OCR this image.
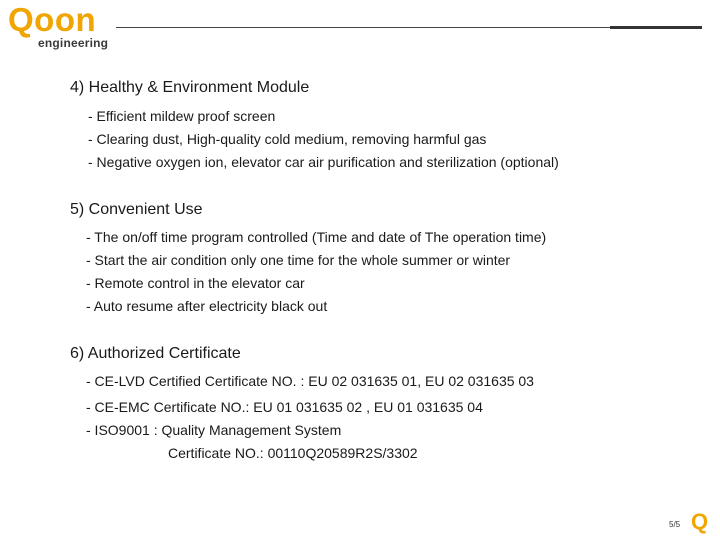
Qoon
engineering
4) Healthy & Environment Module
- Efficient mildew proof screen
- Clearing dust, High-quality cold medium, removing harmful gas
- Negative oxygen ion, elevator car air purification and sterilization (optional)
5) Convenient Use
- The on/off time program controlled (Time and date of The operation time)
- Start the air condition only one time for the whole summer or winter
- Remote control in the elevator car
- Auto resume after electricity black out
6) Authorized Certificate
- CE-LVD Certified Certificate NO. : EU 02 031635 01, EU 02 031635 03
- CE-EMC Certificate NO.: EU 01 031635 02 , EU 01 031635 04
- ISO9001 : Quality Management System
Certificate NO.: 00110Q20589R2S/3302
5/5 Q
